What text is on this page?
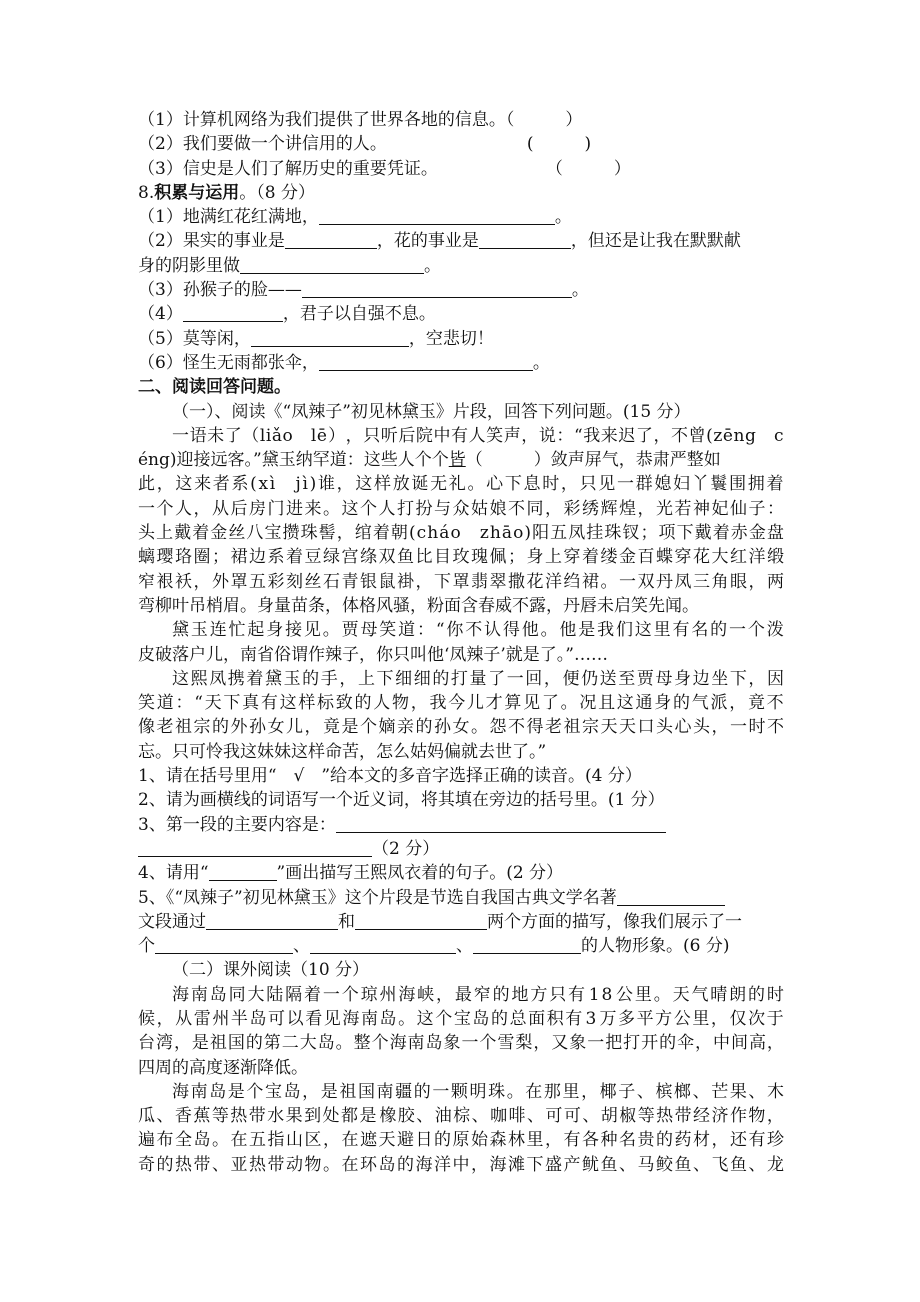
（1）计算机网络为我们提供了世界各地的信息。（　　　）
（2）我们要做一个讲信用的人。	(　　　)
（3）信史是人们了解历史的重要凭证。	（　　　）
8.积累与运用。（8 分）
（1）地满红花红满地，	。
（2）果实的事业是	，花的事业是	，但还是让我在默默献
身的阴影里做	。
（3）孙猴子的脸——	。
（4）	，君子以自强不息。
（5）莫等闲，	，空悲切！
（6）怪生无雨都张伞，	。
二、阅读回答问题。
（一）、阅读《“凤辣子”初见林黛玉》片段，回答下列问题。(15 分）
一 语 未 了 （ l i ǎ o
　 l ē ） ， 只 听 后 院 中 有 人 笑 声 ， 说 ： “ 我 来 迟 了 ， 不 曾 ( z ē n g
　 c
éng)迎接远客。”黛玉纳罕道：这些人个个皆（　　　）敛声屏气，恭肃严整如
此 ， 这 来 者 系 ( x ì
　 j ì ) 谁 ， 这 样 放 诞 无 礼 。 心 下 息 时 ， 只 见 一 群 媳 妇 丫 鬟 围 拥 着
一 个 人 ， 从 后 房 门 进 来 。 这 个 人 打 扮 与 众 姑 娘 不 同 ， 彩 绣 辉 煌 ， 光 若 神 妃 仙 子 ：
头 上 戴 着 金 丝 八 宝 攒 珠 髻 ， 绾 着 朝 ( c h á o
　 z h ā o ) 阳 五 凤 挂 珠 钗 ； 项 下 戴 着 赤 金 盘
螭 璎 珞 圈 ； 裙 边 系 着 豆 绿 宫 绦 双 鱼 比 目 玫 瑰 佩 ； 身 上 穿 着 缕 金 百 蝶 穿 花 大 红 洋 缎
窄 裉 袄 ， 外 罩 五 彩 刻 丝 石 青 银 鼠 褂 ， 下 罩 翡 翠 撒 花 洋 绉 裙 。 一 双 丹 凤 三 角 眼 ， 两
弯柳叶吊梢眉。身量苗条，体格风骚，粉面含春威不露，丹唇未启笑先闻。
黛 玉 连 忙 起 身 接 见 。 贾 母 笑 道 ： “ 你 不 认 得 他 。 他 是 我 们 这 里 有 名 的 一 个 泼
皮破落户儿，南省俗谓作辣子，你只叫他‘凤辣子’就是了。”……
这 熙 凤 携 着 黛 玉 的 手 ， 上 下 细 细 的 打 量 了 一 回 ， 便 仍 送 至 贾 母 身 边 坐 下 ， 因
笑 道 ： “ 天 下 真 有 这 样 标 致 的 人 物 ， 我 今 儿 才 算 见 了 。 况 且 这 通 身 的 气 派 ， 竟 不
像 老 祖 宗 的 外 孙 女 儿 ， 竟 是 个 嫡 亲 的 孙 女 。 怨 不 得 老 祖 宗 天 天 口 头 心 头 ， 一 时 不
忘。只可怜我这妹妹这样命苦，怎么姑妈偏就去世了。”
1、请在括号里用“　√　”给本文的多音字选择正确的读音。(4 分）
2、请为画横线的词语写一个近义词，将其填在旁边的括号里。(1 分）
3、第一段的主要内容是：
（2 分）
4、请用“	”画出描写王熙凤衣着的句子。(2 分）
5、《“凤辣子”初见林黛玉》这个片段是节选自我国古典文学名著
文段通过	和	两个方面的描写，像我们展示了一
个	、	、	的人物形象。(6 分)
（二）课外阅读（10 分）
海 南 岛 同 大 陆 隔 着 一 个 琼 州 海 峡 ， 最 窄 的 地 方 只 有 1 8 公 里 。 天 气 晴 朗 的 时
候 ， 从 雷 州 半 岛 可 以 看 见 海 南 岛 。 这 个 宝 岛 的 总 面 积 有 3 万 多 平 方 公 里 ， 仅 次 于
台 湾 ， 是 祖 国 的 第 二 大 岛 。 整 个 海 南 岛 象 一 个 雪 梨 ， 又 象 一 把 打 开 的 伞 ， 中 间 高 ，
四周的高度逐渐降低。
海 南 岛 是 个 宝 岛 ， 是 祖 国 南 疆 的 一 颗 明 珠 。 在 那 里 ， 椰 子 、 槟 榔 、 芒 果 、 木
瓜 、 香 蕉 等 热 带 水 果 到 处 都 是 橡 胶 、 油 棕 、 咖 啡 、 可 可 、 胡 椒 等 热 带 经 济 作 物 ，
遍 布 全 岛 。 在 五 指 山 区 ， 在 遮 天 避 日 的 原 始 森 林 里 ， 有 各 种 名 贵 的 药 材 ， 还 有 珍
奇 的 热 带 、 亚 热 带 动 物 。 在 环 岛 的 海 洋 中 ， 海 滩 下 盛 产 鱿 鱼 、 马 鲛 鱼 、 飞 鱼 、 龙
